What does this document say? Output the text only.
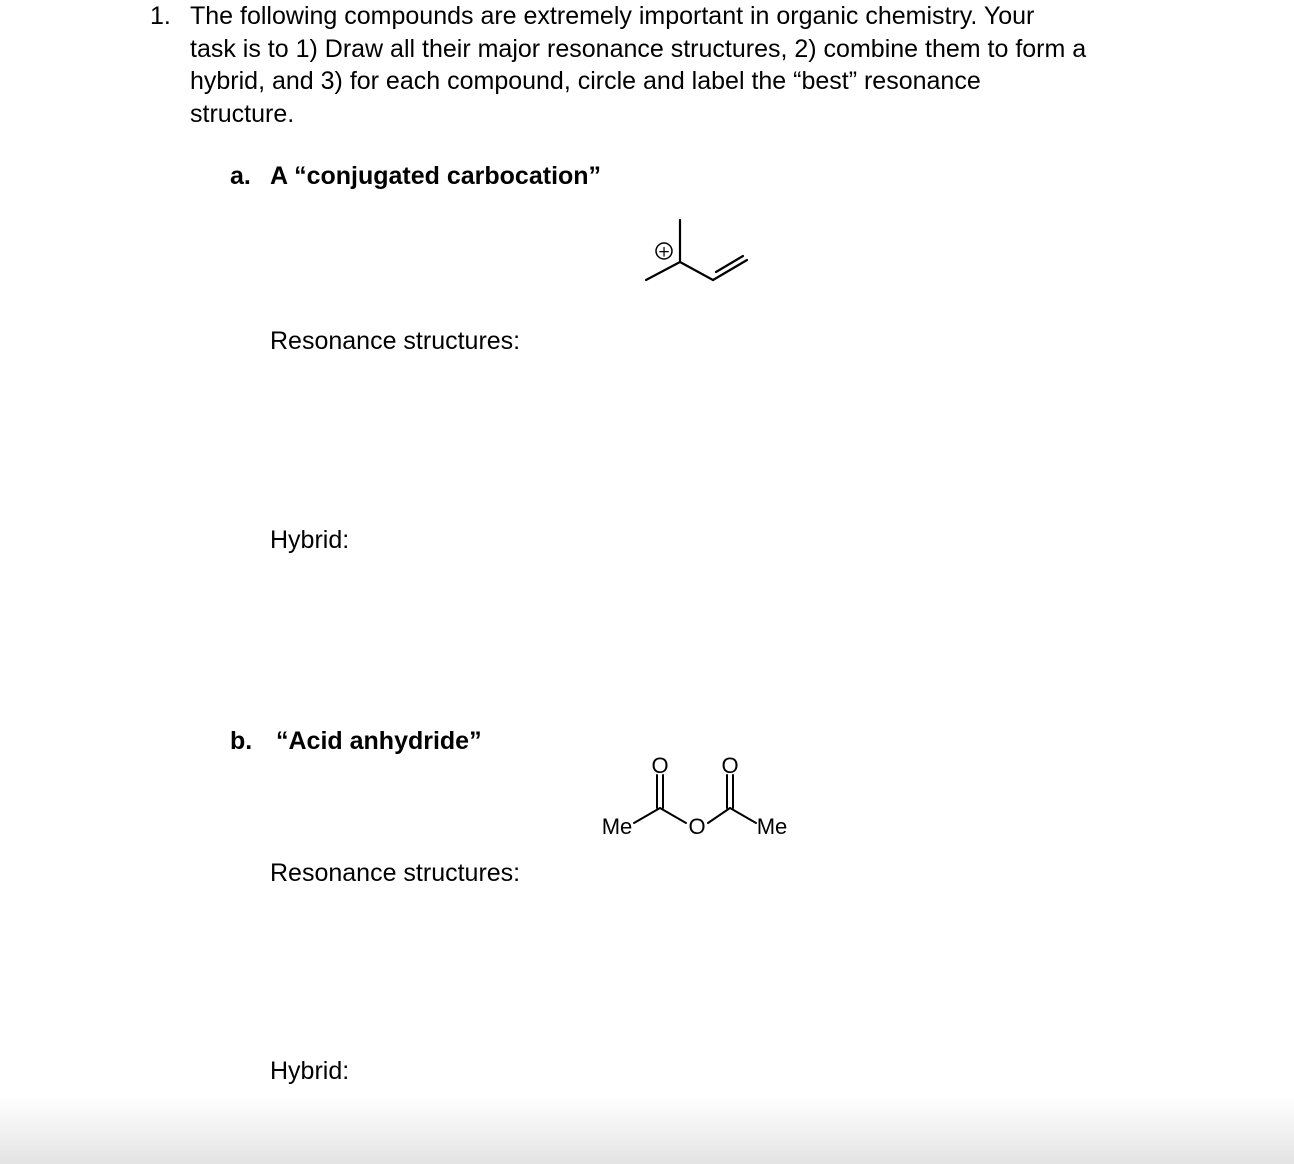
1. The following compounds are extremely important in organic chemistry. Your
task is to 1) Draw all their major resonance structures, 2) combine them to form a
hybrid, and 3) for each compound, circle and label the “best” resonance
structure.
a. A “conjugated carbocation”
+
Resonance structures:
Hybrid:
b. “Acid anhydride”
O O
O
Me	Me
Resonance structures:
Hybrid:
